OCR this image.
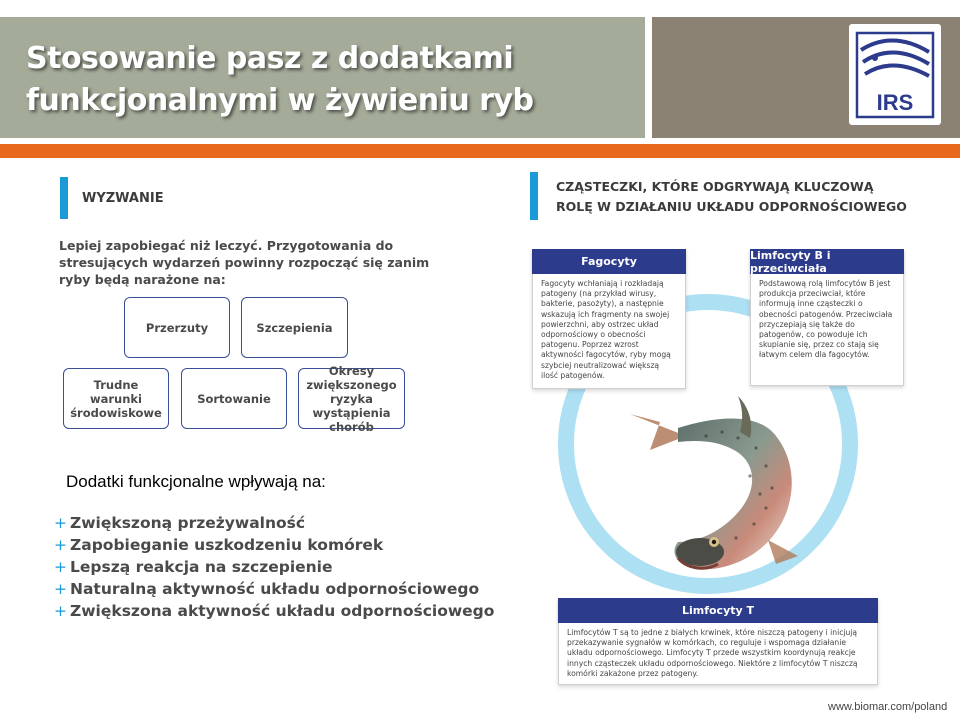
Stosowanie pasz z dodatkami
funkcjonalnymi w żywieniu ryb	IRS
WYZWANIE
Lepiej zapobiegać niż leczyć. Przygotowania do
stresujących wydarzeń powinny rozpocząć się zanim
ryby będą narażone na:
Przerzuty	Szczepienia
Trudne warunki środowiskowe
Sortowanie
Okresy zwiększonego ryzyka wystąpienia chorób
Dodatki funkcjonalne wpływają na:
+ Zwiększoną przeżywalność
+ Zapobieganie uszkodzeniu komórek
+ Lepszą reakcja na szczepienie
+ Naturalną aktywność układu odpornościowego
+ Zwiększona aktywność układu odpornościowego
CZĄSTECZKI, KTÓRE ODGRYWAJĄ KLUCZOWĄ
ROLĘ W DZIAŁANIU UKŁADU ODPORNOŚCIOWEGO
Fagocyty
Fagocyty wchłaniają i rozkładają patogeny (na przykład wirusy, bakterie, pasożyty), a następnie wskazują ich fragmenty na swojej powierzchni, aby ostrzec układ odpornościowy o obecności patogenu. Poprzez wzrost aktywności fagocytów, ryby mogą szybciej neutralizować większą ilość patogenów.
Limfocyty B i przeciwciała
Podstawową rolą limfocytów B jest produkcja przeciwciał, które informują inne cząsteczki o obecności patogenów. Przeciwciała przyczepiają się także do patogenów, co powoduje ich skupianie się, przez co stają się łatwym celem dla fagocytów.
Limfocyty T
Limfocytów T są to jedne z białych krwinek, które niszczą patogeny i inicjują przekazywanie sygnałów w komórkach, co reguluje i wspomaga działanie układu odpornościowego. Limfocyty T przede wszystkim koordynują reakcje innych cząsteczek układu odpornościowego. Niektóre z limfocytów T niszczą komórki zakażone przez patogeny.
www.biomar.com/poland
